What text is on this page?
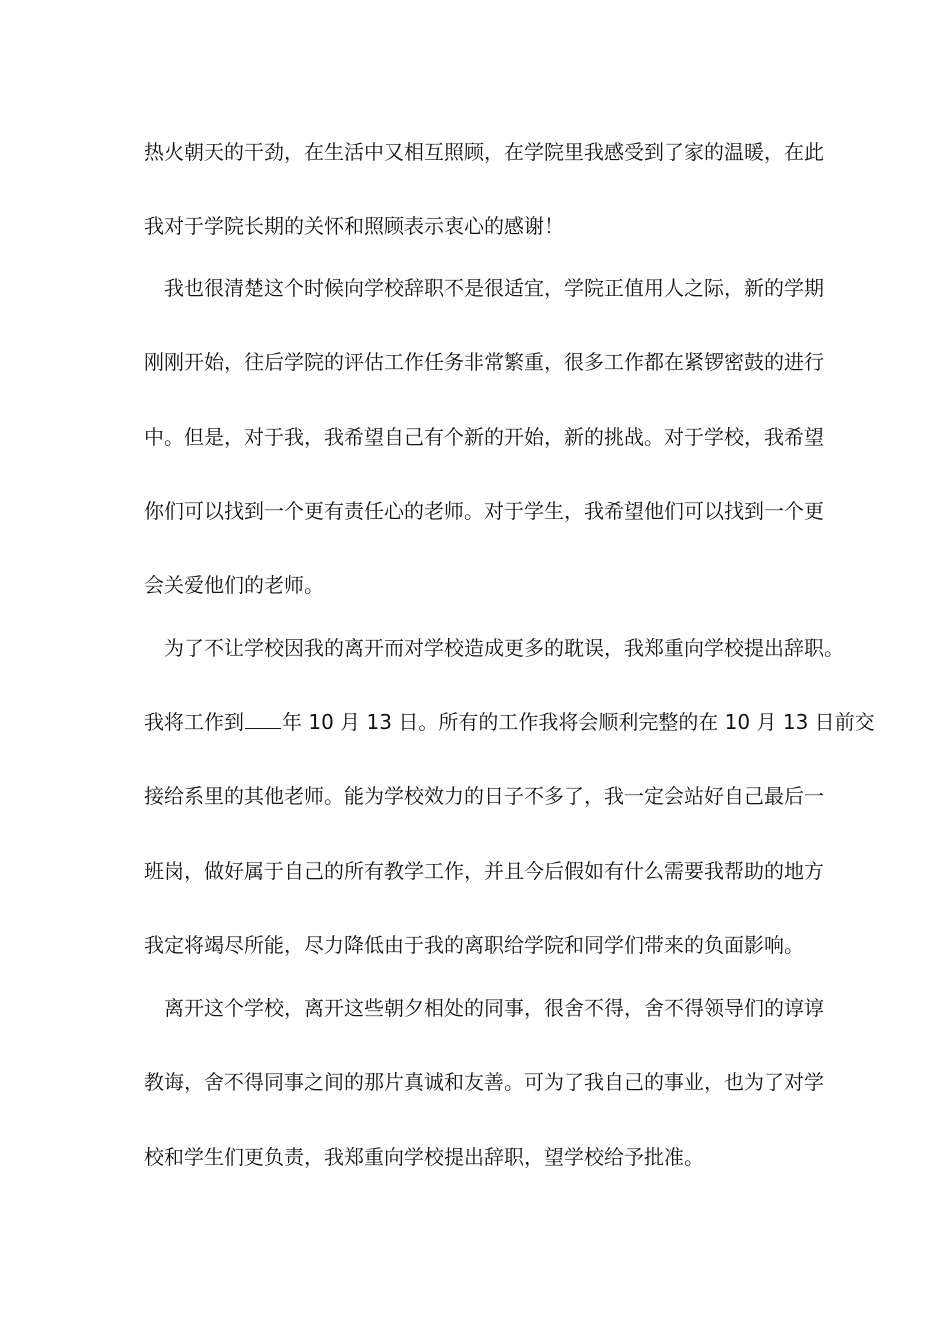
热火朝天的干劲，在生活中又相互照顾，在学院里我感受到了家的温暖，在此
我对于学院长期的关怀和照顾表示衷心的感谢！
我也很清楚这个时候向学校辞职不是很适宜，学院正值用人之际，新的学期
刚刚开始，往后学院的评估工作任务非常繁重，很多工作都在紧锣密鼓的进行
中。但是，对于我，我希望自己有个新的开始，新的挑战。对于学校，我希望
你们可以找到一个更有责任心的老师。对于学生，我希望他们可以找到一个更
会关爱他们的老师。
为了不让学校因我的离开而对学校造成更多的耽误，我郑重向学校提出辞职。
我将工作到 年 10 月 13 日。所有的工作我将会顺利完整的在 10 月 13 日前交
接给系里的其他老师。能为学校效力的日子不多了，我一定会站好自己最后一
班岗，做好属于自己的所有教学工作，并且今后假如有什么需要我帮助的地方
我定将竭尽所能，尽力降低由于我的离职给学院和同学们带来的负面影响。
离开这个学校，离开这些朝夕相处的同事，很舍不得，舍不得领导们的谆谆
教诲，舍不得同事之间的那片真诚和友善。可为了我自己的事业，也为了对学
校和学生们更负责，我郑重向学校提出辞职，望学校给予批准。
